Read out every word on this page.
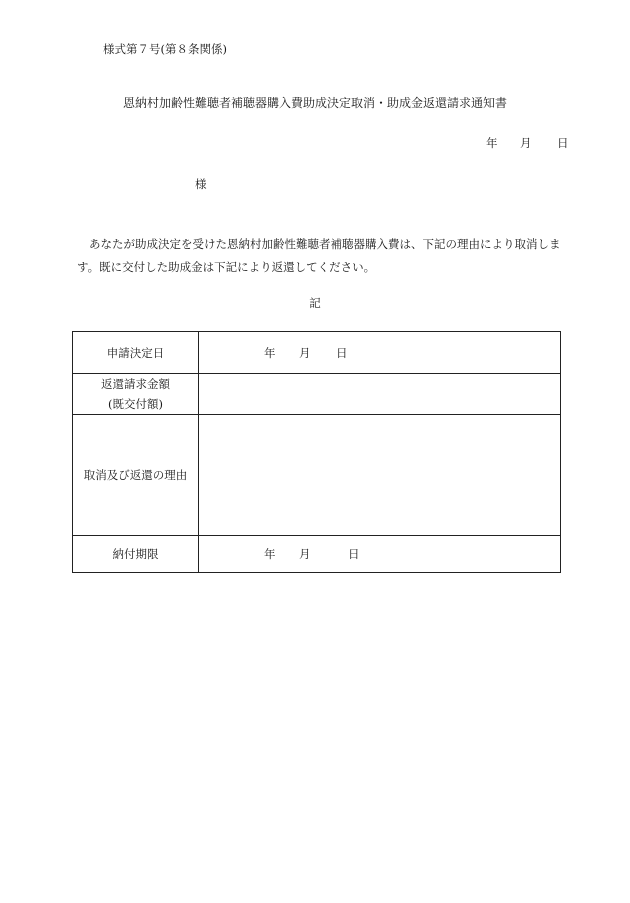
様式第７号(第８条関係)
恩納村加齢性難聴者補聴器購入費助成決定取消・助成金返還請求通知書
年 月 日
様
あなたが助成決定を受けた恩納村加齢性難聴者補聴器購入費は、下記の理由により取消します。既に交付した助成金は下記により返還してください。
記
申請決定日	年 月 日

返還請求金額
(既交付額)	

取消及び返還の理由	
納付期限	年 月 日
